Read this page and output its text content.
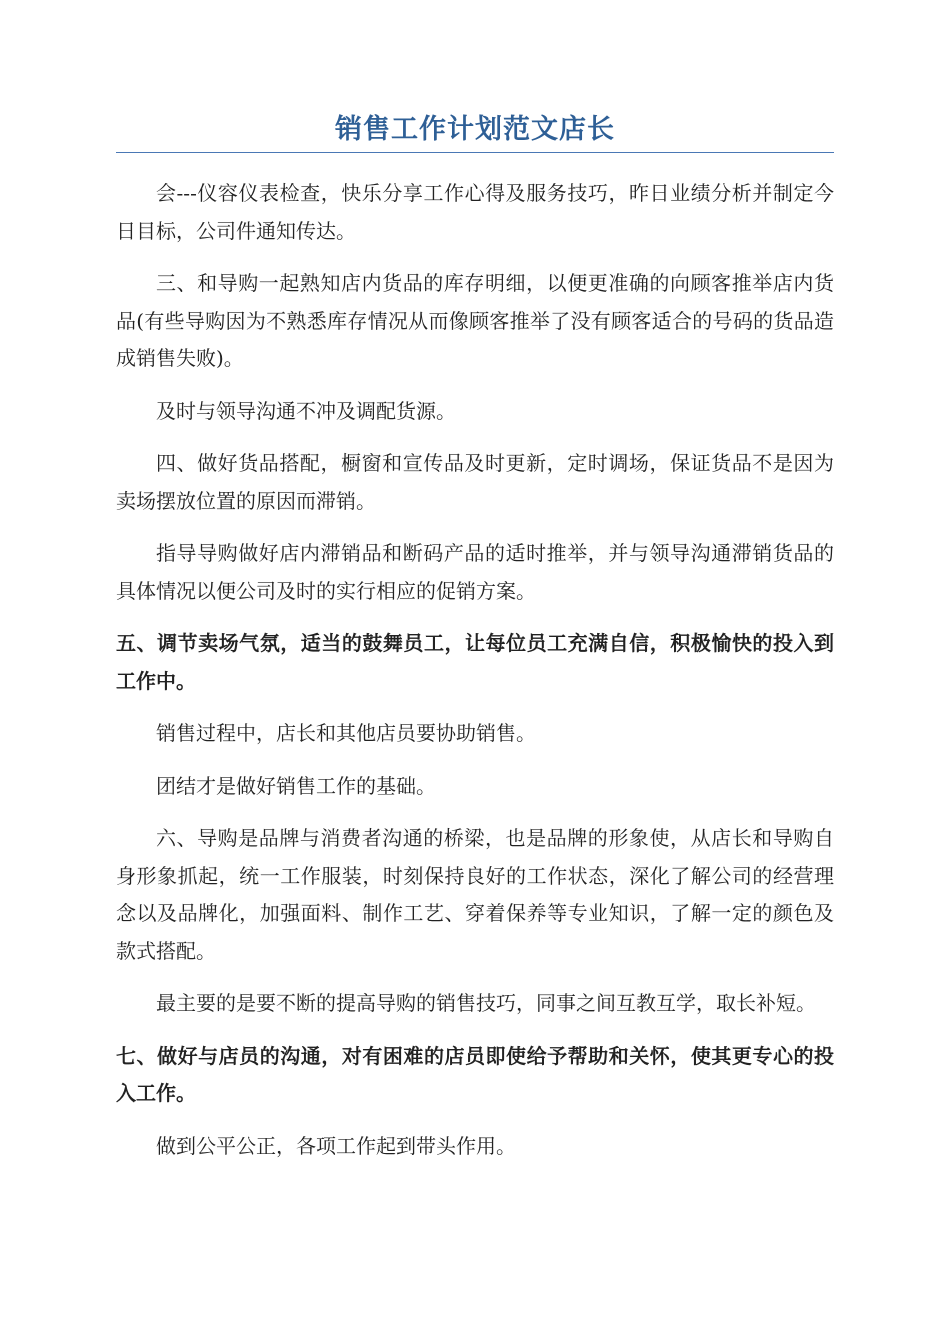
销售工作计划范文店长

会---仪容仪表检查，快乐分享工作心得及服务技巧，昨日业绩分析并制定今日目标，公司件通知传达。

三、和导购一起熟知店内货品的库存明细，以便更准确的向顾客推举店内货品(有些导购因为不熟悉库存情况从而像顾客推举了没有顾客适合的号码的货品造成销售失败)。

及时与领导沟通不冲及调配货源。

四、做好货品搭配，橱窗和宣传品及时更新，定时调场，保证货品不是因为卖场摆放位置的原因而滞销。

指导导购做好店内滞销品和断码产品的适时推举，并与领导沟通滞销货品的具体情况以便公司及时的实行相应的促销方案。

五、调节卖场气氛，适当的鼓舞员工，让每位员工充满自信，积极愉快的投入到工作中。

销售过程中，店长和其他店员要协助销售。

团结才是做好销售工作的基础。

六、导购是品牌与消费者沟通的桥梁，也是品牌的形象使，从店长和导购自身形象抓起，统一工作服装，时刻保持良好的工作状态，深化了解公司的经营理念以及品牌化，加强面料、制作工艺、穿着保养等专业知识，了解一定的颜色及款式搭配。

最主要的是要不断的提高导购的销售技巧，同事之间互教互学，取长补短。

七、做好与店员的沟通，对有困难的店员即使给予帮助和关怀，使其更专心的投入工作。

做到公平公正，各项工作起到带头作用。
